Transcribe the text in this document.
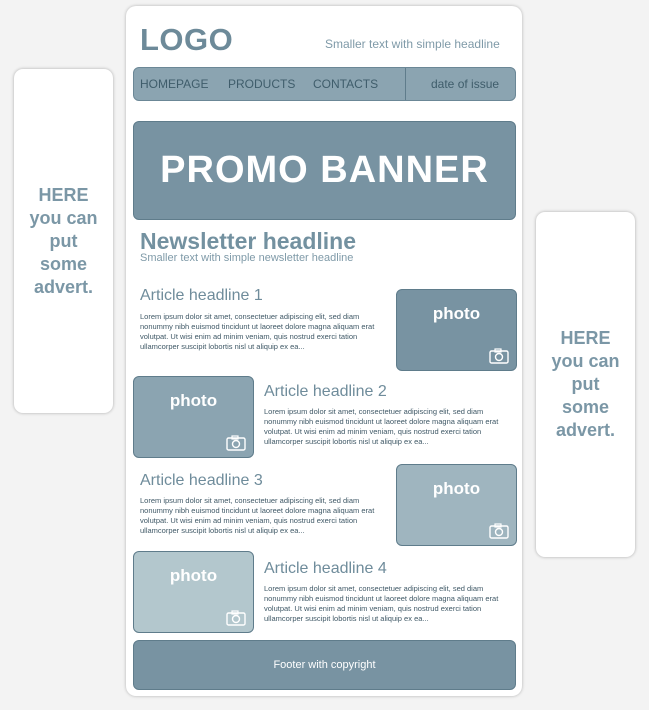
HERE
you can
put
some
advert.
HERE
you can
put
some
advert.
LOGO	Smaller text with simple headline
HOMEPAGE PRODUCTS CONTACTS	date of issue
PROMO BANNER
Newsletter headline
Smaller text with simple newsletter headline
Article headline 1
Lorem ipsum dolor sit amet, consectetuer adipiscing elit, sed diam nonummy nibh euismod tincidunt ut laoreet dolore magna aliquam erat volutpat. Ut wisi enim ad minim veniam, quis nostrud exerci tation ullamcorper suscipit lobortis nisl ut aliquip ex ea...
photo
photo	Article headline 2
Lorem ipsum dolor sit amet, consectetuer adipiscing elit, sed diam nonummy nibh euismod tincidunt ut laoreet dolore magna aliquam erat volutpat. Ut wisi enim ad minim veniam, quis nostrud exerci tation ullamcorper suscipit lobortis nisl ut aliquip ex ea...
Article headline 3
Lorem ipsum dolor sit amet, consectetuer adipiscing elit, sed diam nonummy nibh euismod tincidunt ut laoreet dolore magna aliquam erat volutpat. Ut wisi enim ad minim veniam, quis nostrud exerci tation ullamcorper suscipit lobortis nisl ut aliquip ex ea...
photo
photo	Article headline 4
Lorem ipsum dolor sit amet, consectetuer adipiscing elit, sed diam nonummy nibh euismod tincidunt ut laoreet dolore magna aliquam erat volutpat. Ut wisi enim ad minim veniam, quis nostrud exerci tation ullamcorper suscipit lobortis nisl ut aliquip ex ea...
Footer with copyright
